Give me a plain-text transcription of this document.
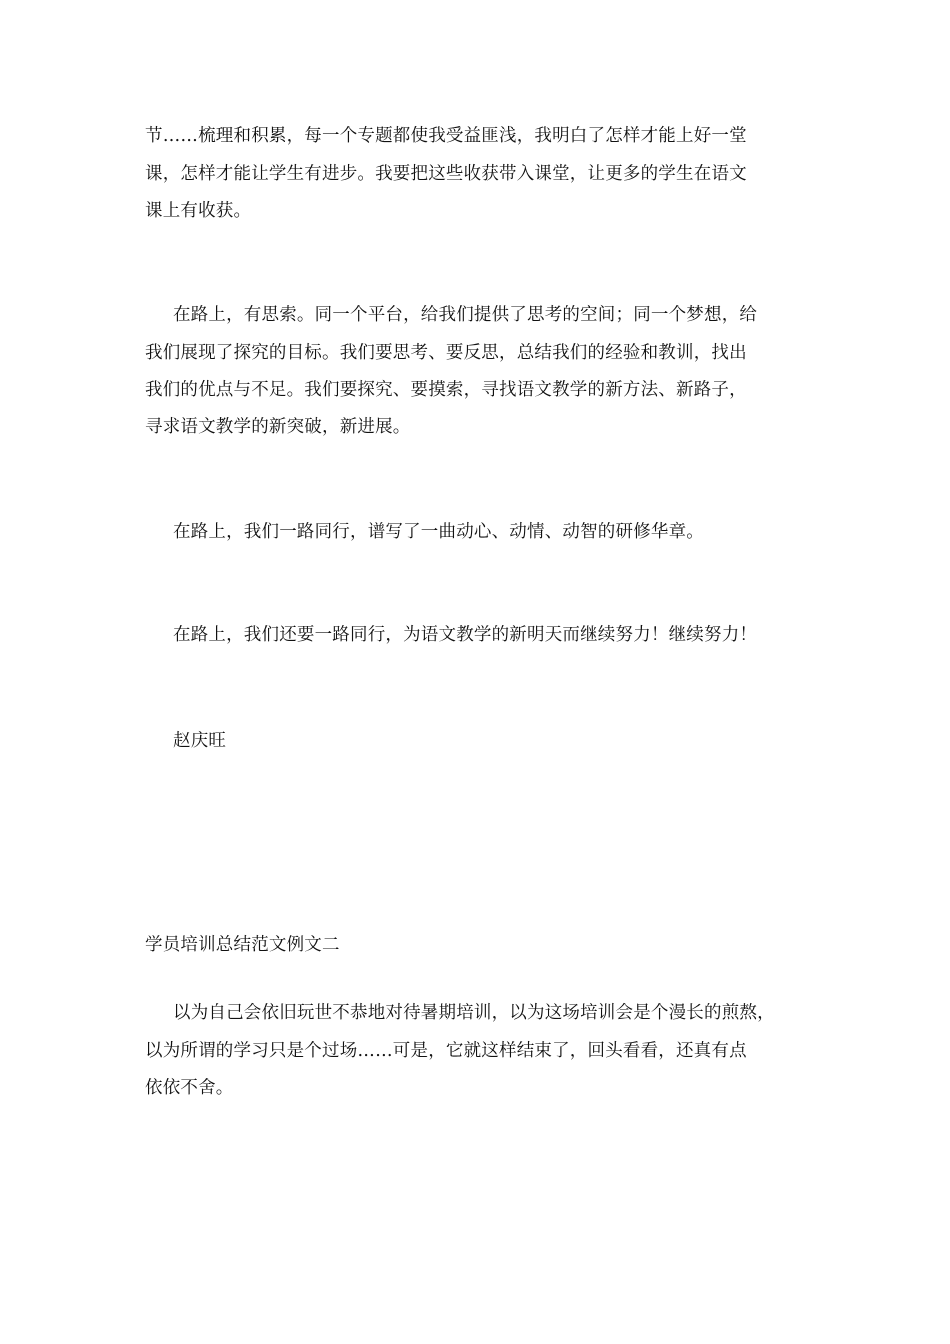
节……梳理和积累，每一个专题都使我受益匪浅，我明白了怎样才能上好一堂
课，怎样才能让学生有进步。我要把这些收获带入课堂，让更多的学生在语文
课上有收获。
在路上，有思索。同一个平台，给我们提供了思考的空间；同一个梦想，给
我们展现了探究的目标。我们要思考、要反思，总结我们的经验和教训，找出
我们的优点与不足。我们要探究、要摸索，寻找语文教学的新方法、新路子，
寻求语文教学的新突破，新进展。
在路上，我们一路同行，谱写了一曲动心、动情、动智的研修华章。
在路上，我们还要一路同行，为语文教学的新明天而继续努力！继续努力！
赵庆旺
学员培训总结范文例文二
以为自己会依旧玩世不恭地对待暑期培训，以为这场培训会是个漫长的煎熬，
以为所谓的学习只是个过场……可是，它就这样结束了，回头看看，还真有点
依依不舍。
